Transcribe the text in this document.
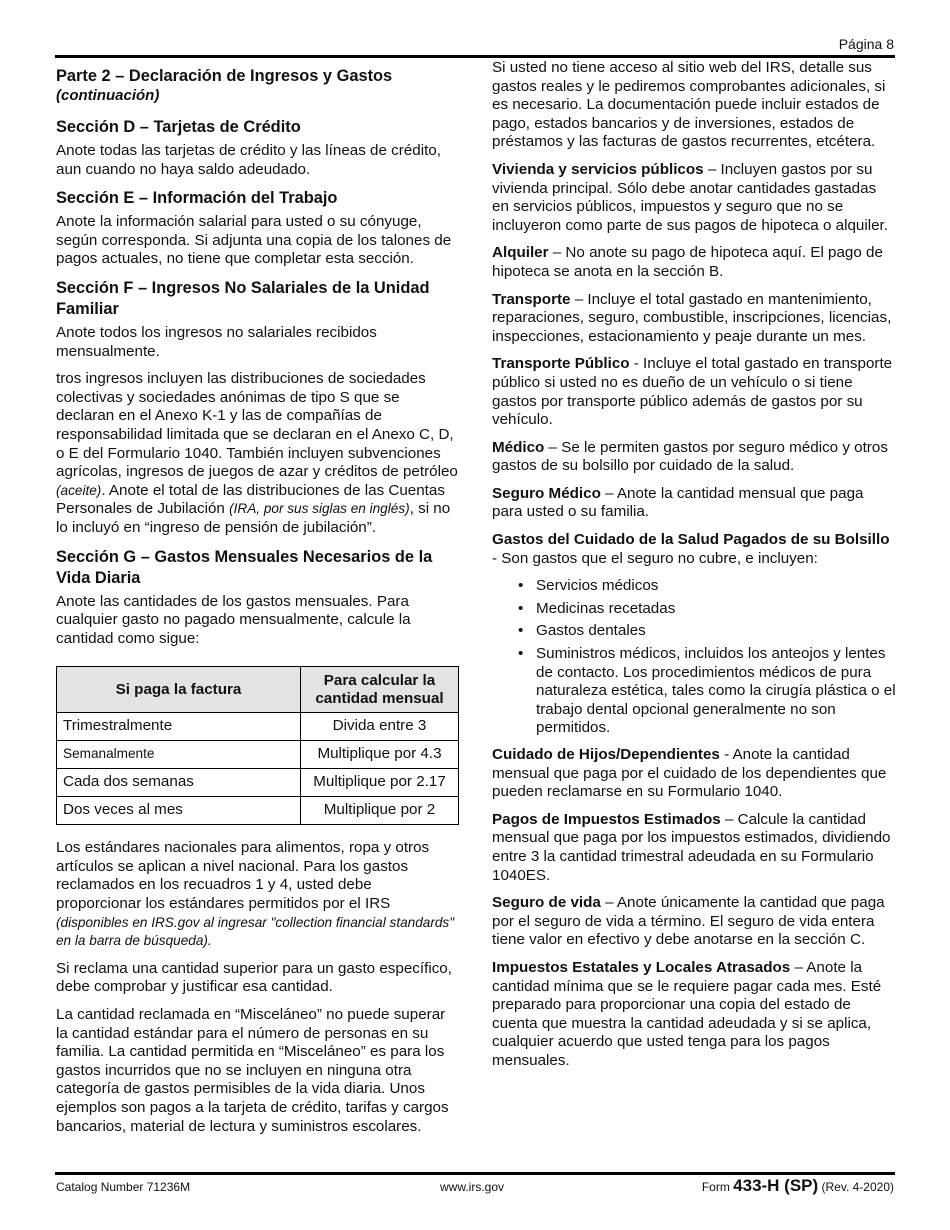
Página 8
Parte 2 – Declaración de Ingresos y Gastos
(continuación)
Sección D – Tarjetas de Crédito

Anote todas las tarjetas de crédito y las líneas de crédito, aun cuando no haya saldo adeudado.

Sección E – Información del Trabajo

Anote la información salarial para usted o su cónyuge, según corresponda. Si adjunta una copia de los talones de pagos actuales, no tiene que completar esta sección.

Sección F – Ingresos No Salariales de la Unidad Familiar

Anote todos los ingresos no salariales recibidos mensualmente.

tros ingresos incluyen las distribuciones de sociedades colectivas y sociedades anónimas de tipo S que se declaran en el Anexo K-1 y las de compañías de responsabilidad limitada que se declaran en el Anexo C, D, o E del Formulario 1040. También incluyen subvenciones agrícolas, ingresos de juegos de azar y créditos de petróleo (aceite). Anote el total de las distribuciones de las Cuentas Personales de Jubilación (IRA, por sus siglas en inglés), si no lo incluyó en “ingreso de pensión de jubilación”.

Sección G – Gastos Mensuales Necesarios de la Vida Diaria

Anote las cantidades de los gastos mensuales. Para cualquier gasto no pagado mensualmente, calcule la cantidad como sigue:

Si paga la factura	Para calcular la cantidad mensual
Trimestralmente	Divida entre 3
Semanalmente	Multiplique por 4.3
Cada dos semanas	Multiplique por 2.17
Dos veces al mes	Multiplique por 2

Los estándares nacionales para alimentos, ropa y otros artículos se aplican a nivel nacional. Para los gastos reclamados en los recuadros 1 y 4, usted debe proporcionar los estándares permitidos por el IRS (disponibles en IRS.gov al ingresar "collection financial standards" en la barra de búsqueda).

Si reclama una cantidad superior para un gasto específico, debe comprobar y justificar esa cantidad.

La cantidad reclamada en “Misceláneo” no puede superar la cantidad estándar para el número de personas en su familia. La cantidad permitida en “Misceláneo” es para los gastos incurridos que no se incluyen en ninguna otra categoría de gastos permisibles de la vida diaria. Unos ejemplos son pagos a la tarjeta de crédito, tarifas y cargos bancarios, material de lectura y suministros escolares.

Si usted no tiene acceso al sitio web del IRS, detalle sus gastos reales y le pediremos comprobantes adicionales, si es necesario. La documentación puede incluir estados de pago, estados bancarios y de inversiones, estados de préstamos y las facturas de gastos recurrentes, etcétera.

Vivienda y servicios públicos – Incluyen gastos por su vivienda principal. Sólo debe anotar cantidades gastadas en servicios públicos, impuestos y seguro que no se incluyeron como parte de sus pagos de hipoteca o alquiler.

Alquiler – No anote su pago de hipoteca aquí. El pago de hipoteca se anota en la sección B.

Transporte – Incluye el total gastado en mantenimiento, reparaciones, seguro, combustible, inscripciones, licencias, inspecciones, estacionamiento y peaje durante un mes.

Transporte Público - Incluye el total gastado en transporte público si usted no es dueño de un vehículo o si tiene gastos por transporte público además de gastos por su vehículo.

Médico – Se le permiten gastos por seguro médico y otros gastos de su bolsillo por cuidado de la salud.

Seguro Médico – Anote la cantidad mensual que paga para usted o su familia.

Gastos del Cuidado de la Salud Pagados de su Bolsillo - Son gastos que el seguro no cubre, e incluyen:

• Servicios médicos
• Medicinas recetadas
• Gastos dentales
• Suministros médicos, incluidos los anteojos y lentes de contacto. Los procedimientos médicos de pura naturaleza estética, tales como la cirugía plástica o el trabajo dental opcional generalmente no son permitidos.

Cuidado de Hijos/Dependientes - Anote la cantidad mensual que paga por el cuidado de los dependientes que pueden reclamarse en su Formulario 1040.

Pagos de Impuestos Estimados – Calcule la cantidad mensual que paga por los impuestos estimados, dividiendo entre 3 la cantidad trimestral adeudada en su Formulario 1040ES.

Seguro de vida – Anote únicamente la cantidad que paga por el seguro de vida a término. El seguro de vida entera tiene valor en efectivo y debe anotarse en la sección C.

Impuestos Estatales y Locales Atrasados – Anote la cantidad mínima que se le requiere pagar cada mes. Esté preparado para proporcionar una copia del estado de cuenta que muestra la cantidad adeudada y si se aplica, cualquier acuerdo que usted tenga para los pagos mensuales.

Catalog Number 71236M	www.irs.gov	Form 433-H (SP) (Rev. 4-2020)
